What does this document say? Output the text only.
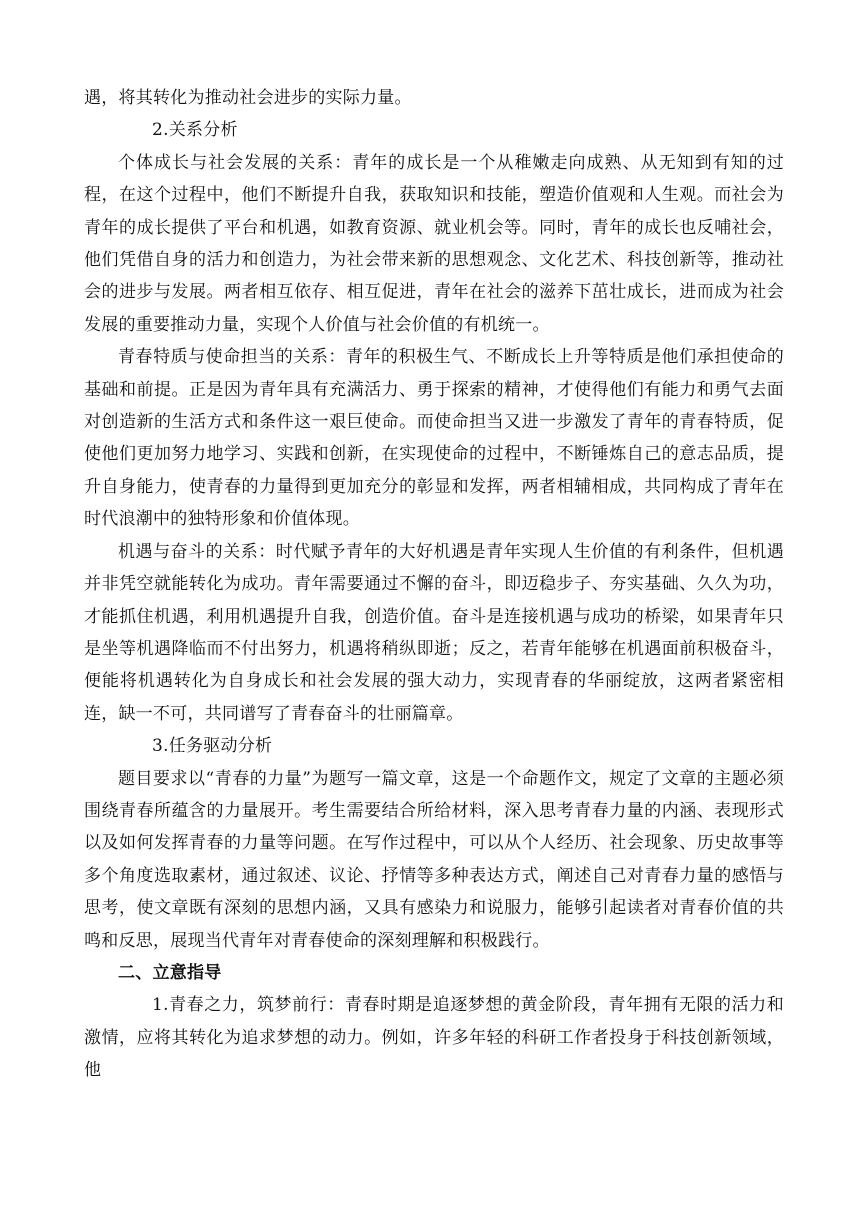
遇，将其转化为推动社会进步的实际力量。

2.关系分析

个体成长与社会发展的关系：青年的成长是一个从稚嫩走向成熟、从无知到有知的过程，在这个过程中，他们不断提升自我，获取知识和技能，塑造价值观和人生观。而社会为青年的成长提供了平台和机遇，如教育资源、就业机会等。同时，青年的成长也反哺社会，他们凭借自身的活力和创造力，为社会带来新的思想观念、文化艺术、科技创新等，推动社会的进步与发展。两者相互依存、相互促进，青年在社会的滋养下茁壮成长，进而成为社会发展的重要推动力量，实现个人价值与社会价值的有机统一。

青春特质与使命担当的关系：青年的积极生气、不断成长上升等特质是他们承担使命的基础和前提。正是因为青年具有充满活力、勇于探索的精神，才使得他们有能力和勇气去面对创造新的生活方式和条件这一艰巨使命。而使命担当又进一步激发了青年的青春特质，促使他们更加努力地学习、实践和创新，在实现使命的过程中，不断锤炼自己的意志品质，提升自身能力，使青春的力量得到更加充分的彰显和发挥，两者相辅相成，共同构成了青年在时代浪潮中的独特形象和价值体现。

机遇与奋斗的关系：时代赋予青年的大好机遇是青年实现人生价值的有利条件，但机遇并非凭空就能转化为成功。青年需要通过不懈的奋斗，即迈稳步子、夯实基础、久久为功，才能抓住机遇，利用机遇提升自我，创造价值。奋斗是连接机遇与成功的桥梁，如果青年只是坐等机遇降临而不付出努力，机遇将稍纵即逝；反之，若青年能够在机遇面前积极奋斗，便能将机遇转化为自身成长和社会发展的强大动力，实现青春的华丽绽放，这两者紧密相连，缺一不可，共同谱写了青春奋斗的壮丽篇章。

3.任务驱动分析

题目要求以“青春的力量”为题写一篇文章，这是一个命题作文，规定了文章的主题必须围绕青春所蕴含的力量展开。考生需要结合所给材料，深入思考青春力量的内涵、表现形式以及如何发挥青春的力量等问题。在写作过程中，可以从个人经历、社会现象、历史故事等多个角度选取素材，通过叙述、议论、抒情等多种表达方式，阐述自己对青春力量的感悟与思考，使文章既有深刻的思想内涵，又具有感染力和说服力，能够引起读者对青春价值的共鸣和反思，展现当代青年对青春使命的深刻理解和积极践行。

二、立意指导

1.青春之力，筑梦前行：青春时期是追逐梦想的黄金阶段，青年拥有无限的活力和激情，应将其转化为追求梦想的动力。例如，许多年轻的科研工作者投身于科技创新领域，他
